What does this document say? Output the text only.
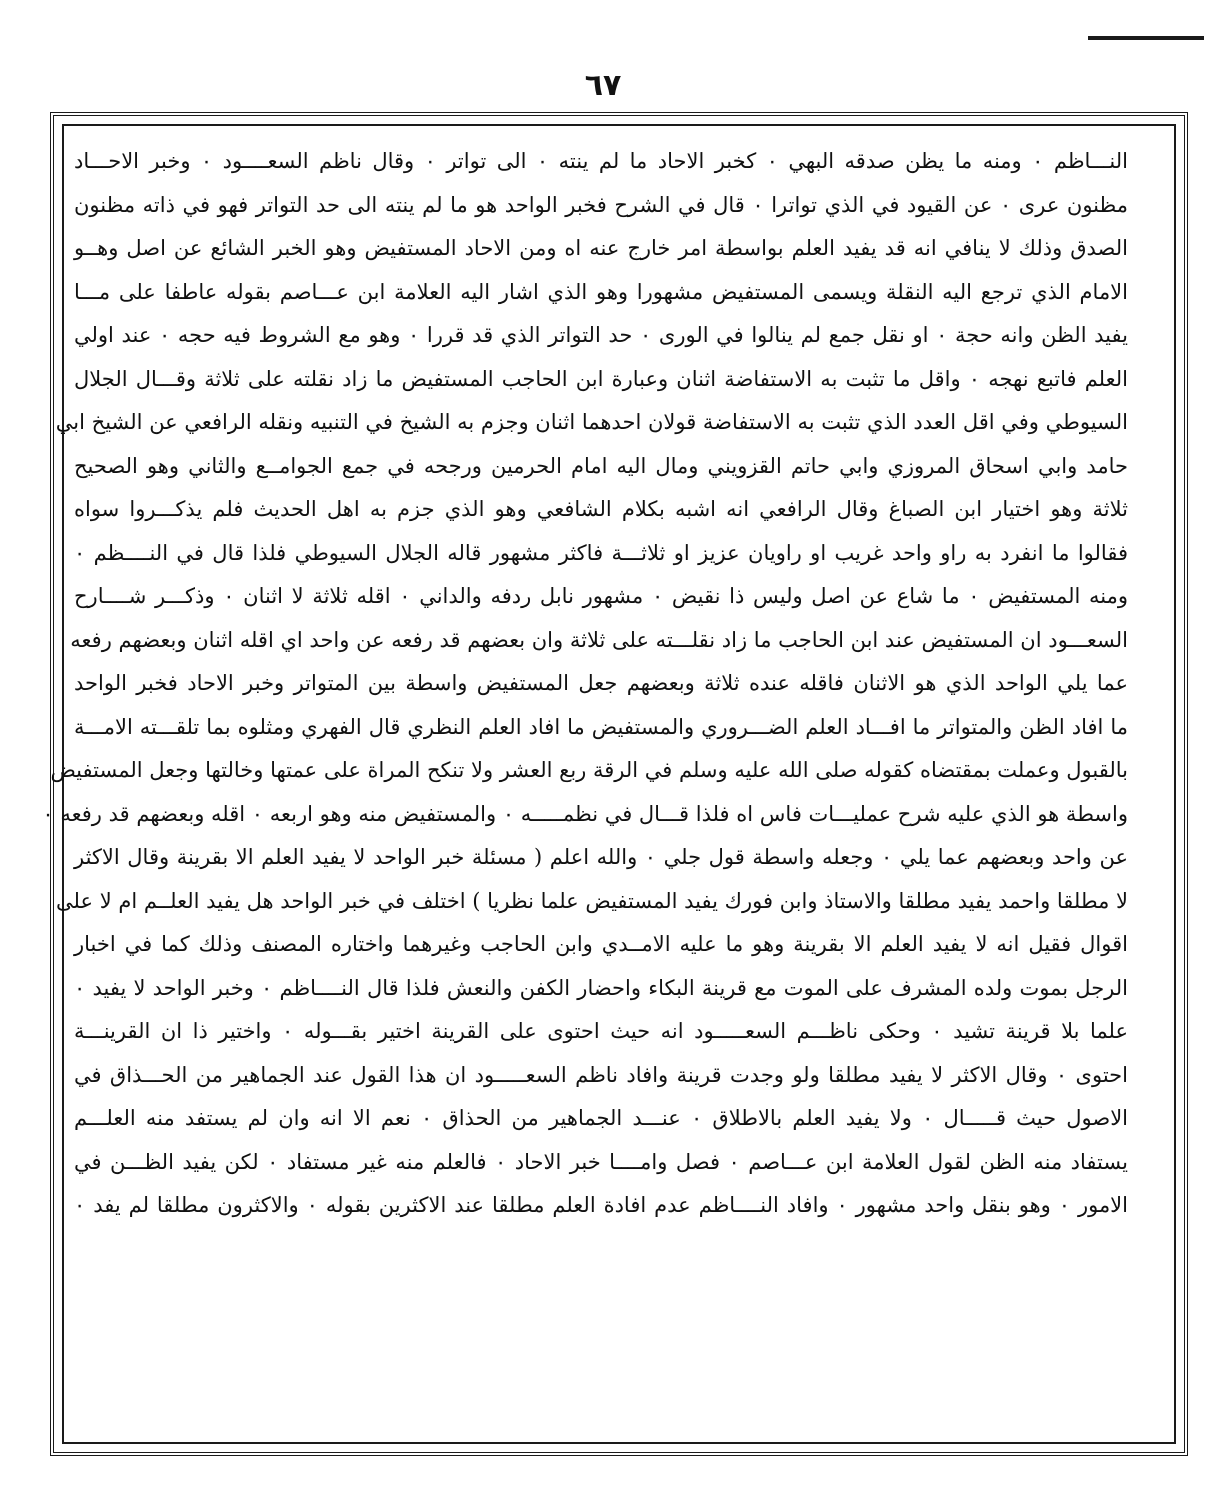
٦٧
النـــاظم ٠ ومنه ما يظن صدقه البهي ٠ كخبر الاحاد ما لم ينته ٠ الى تواتر ٠ وقال ناظم السعــــود ٠ وخبر الاحـــاد
مظنون عرى ٠ عن القيود في الذي تواترا ٠ قال في الشرح فخبر الواحد هو ما لم ينته الى حد التواتر فهو في ذاته مظنون
الصدق وذلك لا ينافي انه قد يفيد العلم بواسطة امر خارج عنه اه ومن الاحاد المستفيض وهو الخبر الشائع عن اصل وهــو
الامام الذي ترجع اليه النقلة ويسمى المستفيض مشهورا وهو الذي اشار اليه العلامة ابن عـــاصم بقوله عاطفا على مـــا
يفيد الظن وانه حجة ٠ او نقل جمع لم ينالوا في الورى ٠ حد التواتر الذي قد قررا ٠ وهو مع الشروط فيه حجه ٠ عند اولي
العلم فاتبع نهجه ٠ واقل ما تثبت به الاستفاضة اثنان وعبارة ابن الحاجب المستفيض ما زاد نقلته على ثلاثة وقـــال الجلال
السيوطي وفي اقل العدد الذي تثبت به الاستفاضة قولان احدهما اثنان وجزم به الشيخ في التنبيه ونقله الرافعي عن الشيخ ابي
حامد وابي اسحاق المروزي وابي حاتم القزويني ومال اليه امام الحرمين ورجحه في جمع الجوامــع والثاني وهو الصحيح
ثلاثة وهو اختيار ابن الصباغ وقال الرافعي انه اشبه بكلام الشافعي وهو الذي جزم به اهل الحديث فلم يذكـــروا سواه
فقالوا ما انفرد به راو واحد غريب او راويان عزيز او ثلاثـــة فاكثر مشهور قاله الجلال السيوطي فلذا قال في النــــظم ٠
ومنه المستفيض ٠ ما شاع عن اصل وليس ذا نقيض ٠ مشهور نابل ردفه والداني ٠ اقله ثلاثة لا اثنان ٠ وذكـــر شــــارح
السعـــود ان المستفيض عند ابن الحاجب ما زاد نقلـــته على ثلاثة وان بعضهم قد رفعه عن واحد اي اقله اثنان وبعضهم رفعه
عما يلي الواحد الذي هو الاثنان فاقله عنده ثلاثة وبعضهم جعل المستفيض واسطة بين المتواتر وخبر الاحاد فخبر الواحد
ما افاد الظن والمتواتر ما افـــاد العلم الضـــروري والمستفيض ما افاد العلم النظري قال الفهري ومثلوه بما تلقـــته الامـــة
بالقبول وعملت بمقتضاه كقوله صلى الله عليه وسلم في الرقة ربع العشر ولا تنكح المراة على عمتها وخالتها وجعل المستفيض
واسطة هو الذي عليه شرح عمليـــات فاس اه فلذا قـــال في نظمـــــه ٠ والمستفيض منه وهو اربعه ٠ اقله وبعضهم قد رفعه ٠
عن واحد وبعضهم عما يلي ٠ وجعله واسطة قول جلي ٠ والله اعلم ( مسئلة خبر الواحد لا يفيد العلم الا بقرينة وقال الاكثر
لا مطلقا واحمد يفيد مطلقا والاستاذ وابن فورك يفيد المستفيض علما نظريا ) اختلف في خبر الواحد هل يفيد العلــم ام لا على
اقوال فقيل انه لا يفيد العلم الا بقرينة وهو ما عليه الامــدي وابن الحاجب وغيرهما واختاره المصنف وذلك كما في اخبار
الرجل بموت ولده المشرف على الموت مع قرينة البكاء واحضار الكفن والنعش فلذا قال النــــاظم ٠ وخبر الواحد لا يفيد ٠
علما بلا قرينة تشيد ٠ وحكى ناظـــم السعـــــود انه حيث احتوى على القرينة اختير بقـــوله ٠ واختير ذا ان القرينـــة
احتوى ٠ وقال الاكثر لا يفيد مطلقا ولو وجدت قرينة وافاد ناظم السعـــــود ان هذا القول عند الجماهير من الحـــذاق في
الاصول حيث قـــــال ٠ ولا يفيد العلم بالاطلاق ٠ عنـــد الجماهير من الحذاق ٠ نعم الا انه وان لم يستفد منه العلـــم
يستفاد منه الظن لقول العلامة ابن عـــاصم ٠ فصل وامــــا خبر الاحاد ٠ فالعلم منه غير مستفاد ٠ لكن يفيد الظـــن في
الامور ٠ وهو بنقل واحد مشهور ٠ وافاد النــــاظم عدم افادة العلم مطلقا عند الاكثرين بقوله ٠ والاكثرون مطلقا لم يفد ٠
